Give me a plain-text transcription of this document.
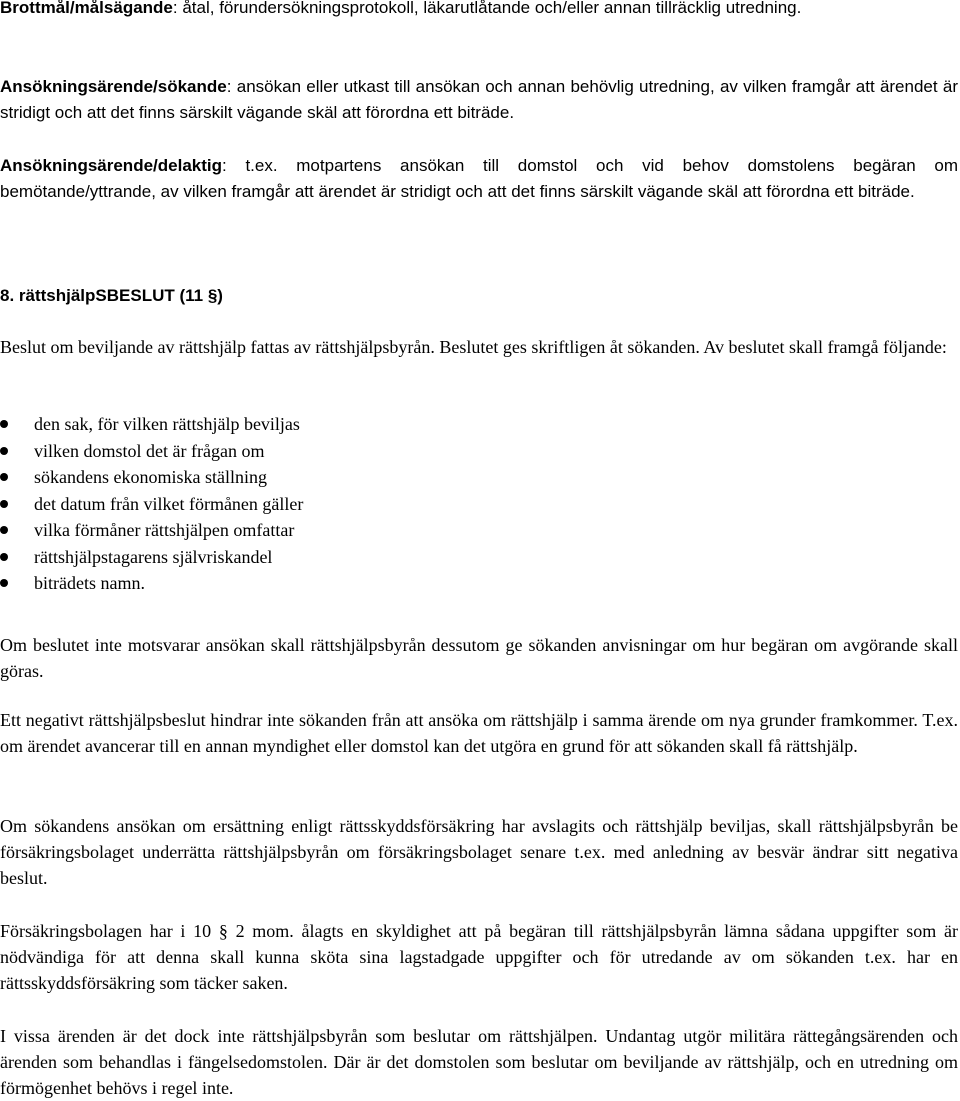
Brottmål/målsägande: åtal, förundersökningsprotokoll, läkarutlåtande och/eller annan tillräcklig utredning.

Ansökningsärende/sökande: ansökan eller utkast till ansökan och annan behövlig utredning, av vilken framgår att ärendet är stridigt och att det finns särskilt vägande skäl att förordna ett biträde.

Ansökningsärende/delaktig: t.ex. motpartens ansökan till domstol och vid behov domstolens begäran om bemötande/yttrande, av vilken framgår att ärendet är stridigt och att det finns särskilt vägande skäl att förordna ett biträde.

8. rättshjälpSBESLUT (11 §)

Beslut om beviljande av rättshjälp fattas av rättshjälpsbyrån. Beslutet ges skriftligen åt sökanden. Av beslutet skall framgå följande:

den sak, för vilken rättshjälp beviljas
vilken domstol det är frågan om
sökandens ekonomiska ställning
det datum från vilket förmånen gäller
vilka förmåner rättshjälpen omfattar
rättshjälpstagarens självriskandel
biträdets namn.

Om beslutet inte motsvarar ansökan skall rättshjälpsbyrån dessutom ge sökanden anvisningar om hur begäran om avgörande skall göras.

Ett negativt rättshjälpsbeslut hindrar inte sökanden från att ansöka om rättshjälp i samma ärende om nya grunder framkommer. T.ex. om ärendet avancerar till en annan myndighet eller domstol kan det utgöra en grund för att sökanden skall få rättshjälp.

Om sökandens ansökan om ersättning enligt rättsskyddsförsäkring har avslagits och rättshjälp beviljas, skall rättshjälpsbyrån be försäkringsbolaget underrätta rättshjälpsbyrån om försäkringsbolaget senare t.ex. med anledning av besvär ändrar sitt negativa beslut.

Försäkringsbolagen har i 10 § 2 mom. ålagts en skyldighet att på begäran till rättshjälpsbyrån lämna sådana uppgifter som är nödvändiga för att denna skall kunna sköta sina lagstadgade uppgifter och för utredande av om sökanden t.ex. har en rättsskyddsförsäkring som täcker saken.

I vissa ärenden är det dock inte rättshjälpsbyrån som beslutar om rättshjälpen. Undantag utgör militära rättegångsärenden och ärenden som behandlas i fängelsedomstolen. Där är det domstolen som beslutar om beviljande av rättshjälp, och en utredning om förmögenhet behövs i regel inte.
